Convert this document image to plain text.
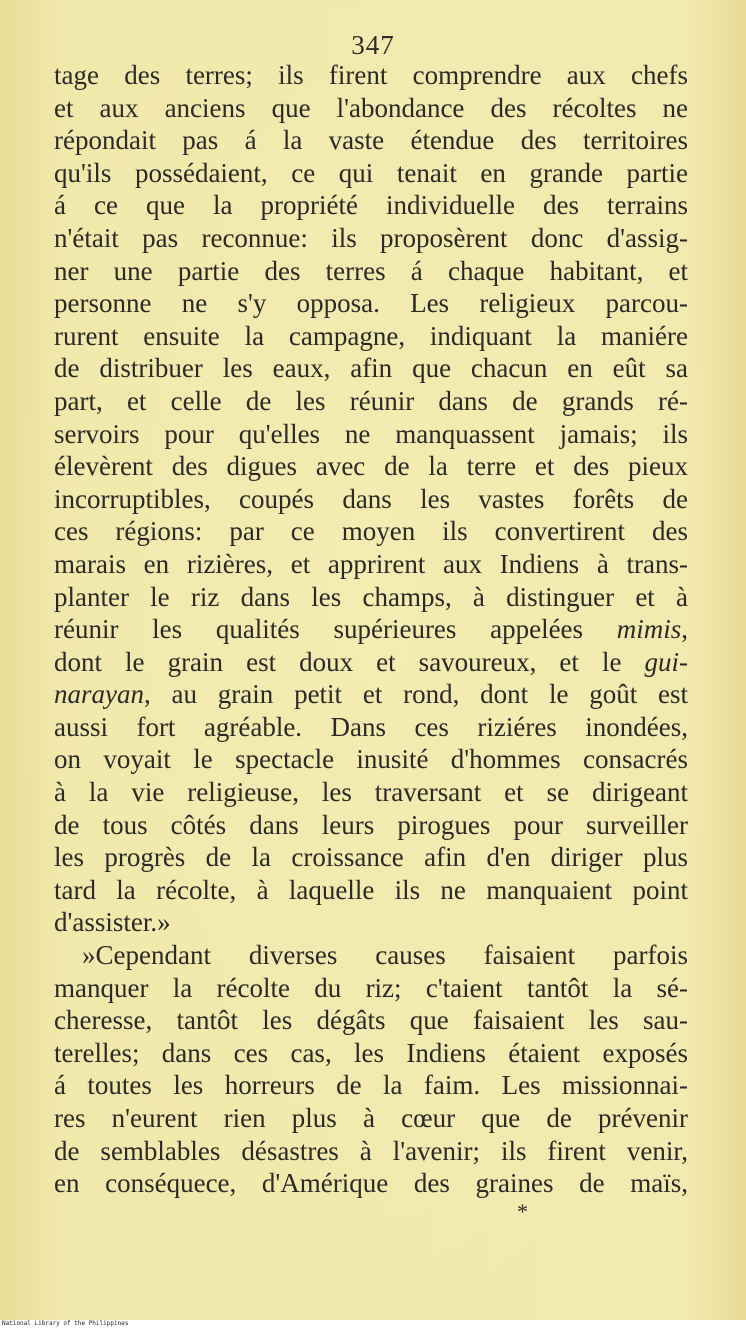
347
tage des terres; ils firent comprendre aux chefs
et aux anciens que l'abondance des récoltes ne
répondait pas á la vaste étendue des territoires
qu'ils possédaient, ce qui tenait en grande partie
á ce que la propriété individuelle des terrains
n'était pas reconnue: ils proposèrent donc d'assig-
ner une partie des terres á chaque habitant, et
personne ne s'y opposa. Les religieux parcou-
rurent ensuite la campagne, indiquant la maniére
de distribuer les eaux, afin que chacun en eût sa
part, et celle de les réunir dans de grands ré-
servoirs pour qu'elles ne manquassent jamais; ils
élevèrent des digues avec de la terre et des pieux
incorruptibles, coupés dans les vastes forêts de
ces régions: par ce moyen ils convertirent des
marais en rizières, et apprirent aux Indiens à trans-
planter le riz dans les champs, à distinguer et à
réunir les qualités supérieures appelées mimis,
dont le grain est doux et savoureux, et le gui-
narayan, au grain petit et rond, dont le goût est
aussi fort agréable. Dans ces riziéres inondées,
on voyait le spectacle inusité d'hommes consacrés
à la vie religieuse, les traversant et se dirigeant
de tous côtés dans leurs pirogues pour surveiller
les progrès de la croissance afin d'en diriger plus
tard la récolte, à laquelle ils ne manquaient point
d'assister.»
»Cependant diverses causes faisaient parfois
manquer la récolte du riz; c'taient tantôt la sé-
cheresse, tantôt les dégâts que faisaient les sau-
terelles; dans ces cas, les Indiens étaient exposés
á toutes les horreurs de la faim. Les missionnai-
res n'eurent rien plus à cœur que de prévenir
de semblables désastres à l'avenir; ils firent venir,
en conséquece, d'Amérique des graines de maïs,
*
National Library of the Philippines
